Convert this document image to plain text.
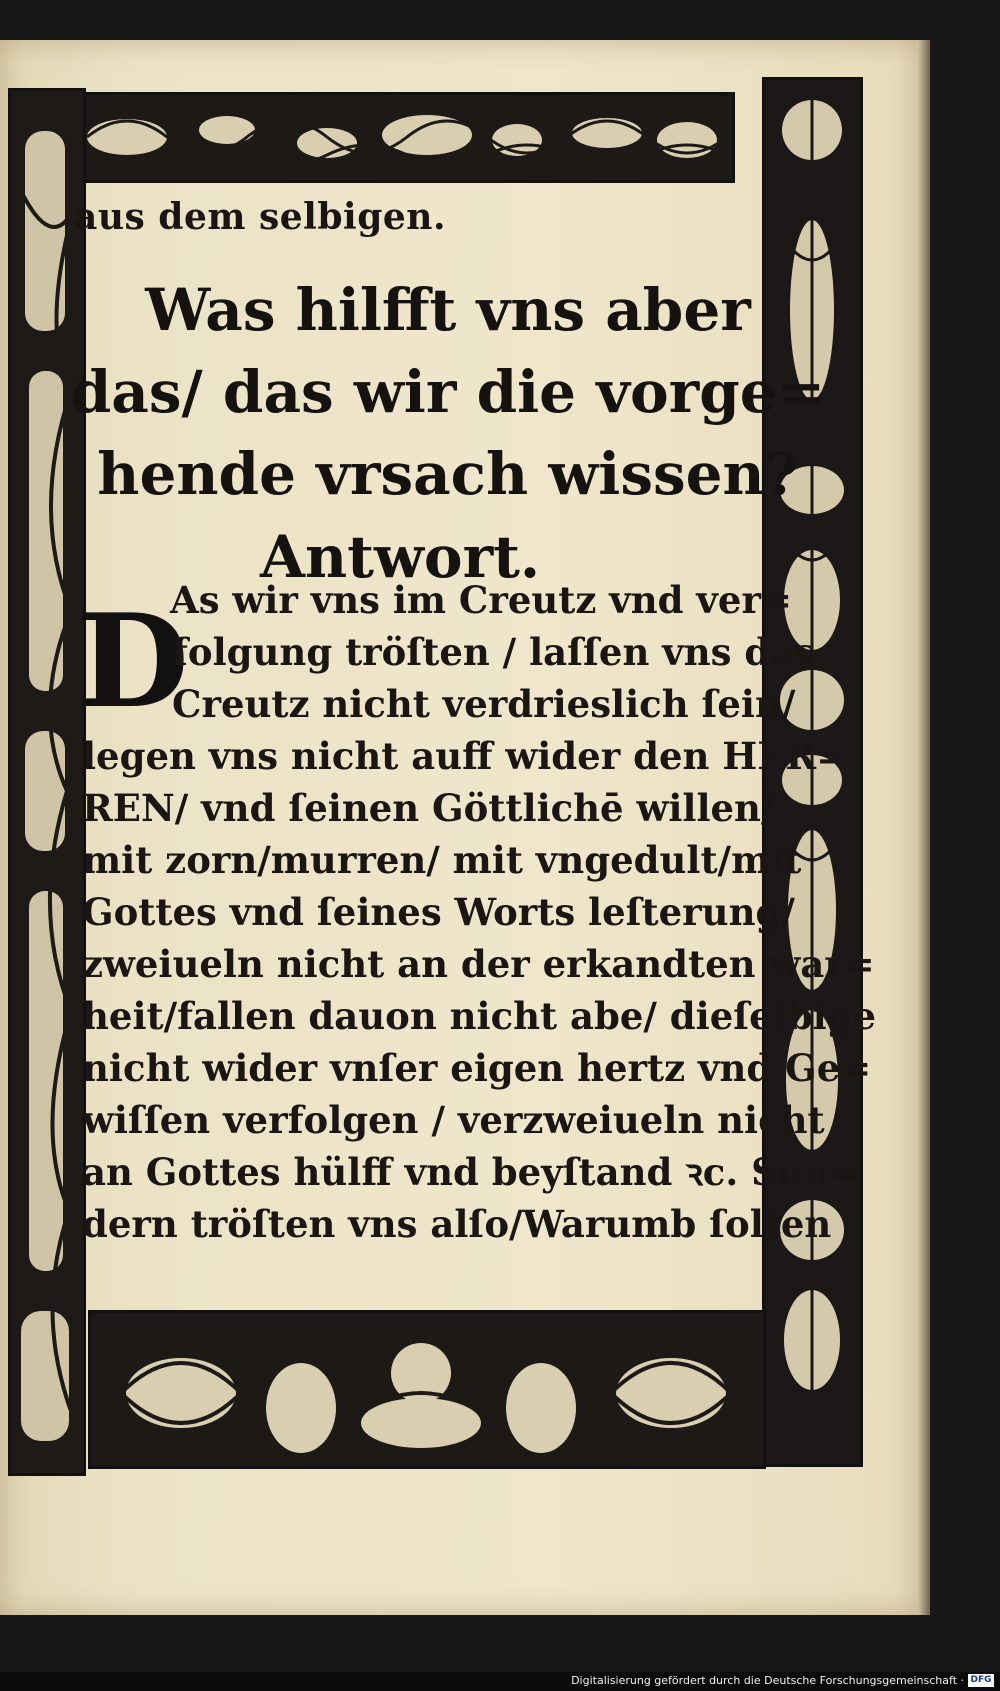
aus dem selbigen.
Was hilfft vns aber
das/ das wir die vorge=
hende vrsach wissen?
Antwort.
D
As wir vns im Creutz vnd ver=
folgung tröſten / laſſen vns das
Creutz nicht verdrieslich ſein/
legen vns nicht auff wider den HER=
REN/ vnd ſeinen Göttlichē willen/
mit zorn/murren/ mit vngedult/mit
Gottes vnd ſeines Worts leſterung/
zweiueln nicht an der erkandten war=
heit/fallen dauon nicht abe/ dieſelbige
nicht wider vnſer eigen hertz vnd Ge=
wiſſen verfolgen / verzweiueln nicht
an Gottes hülff vnd beyſtand ꝛc. Son=
dern tröſten vns alſo/Warumb ſolten
Digitalisierung gefördert durch die Deutsche Forschungsgemeinschaft · DFG
